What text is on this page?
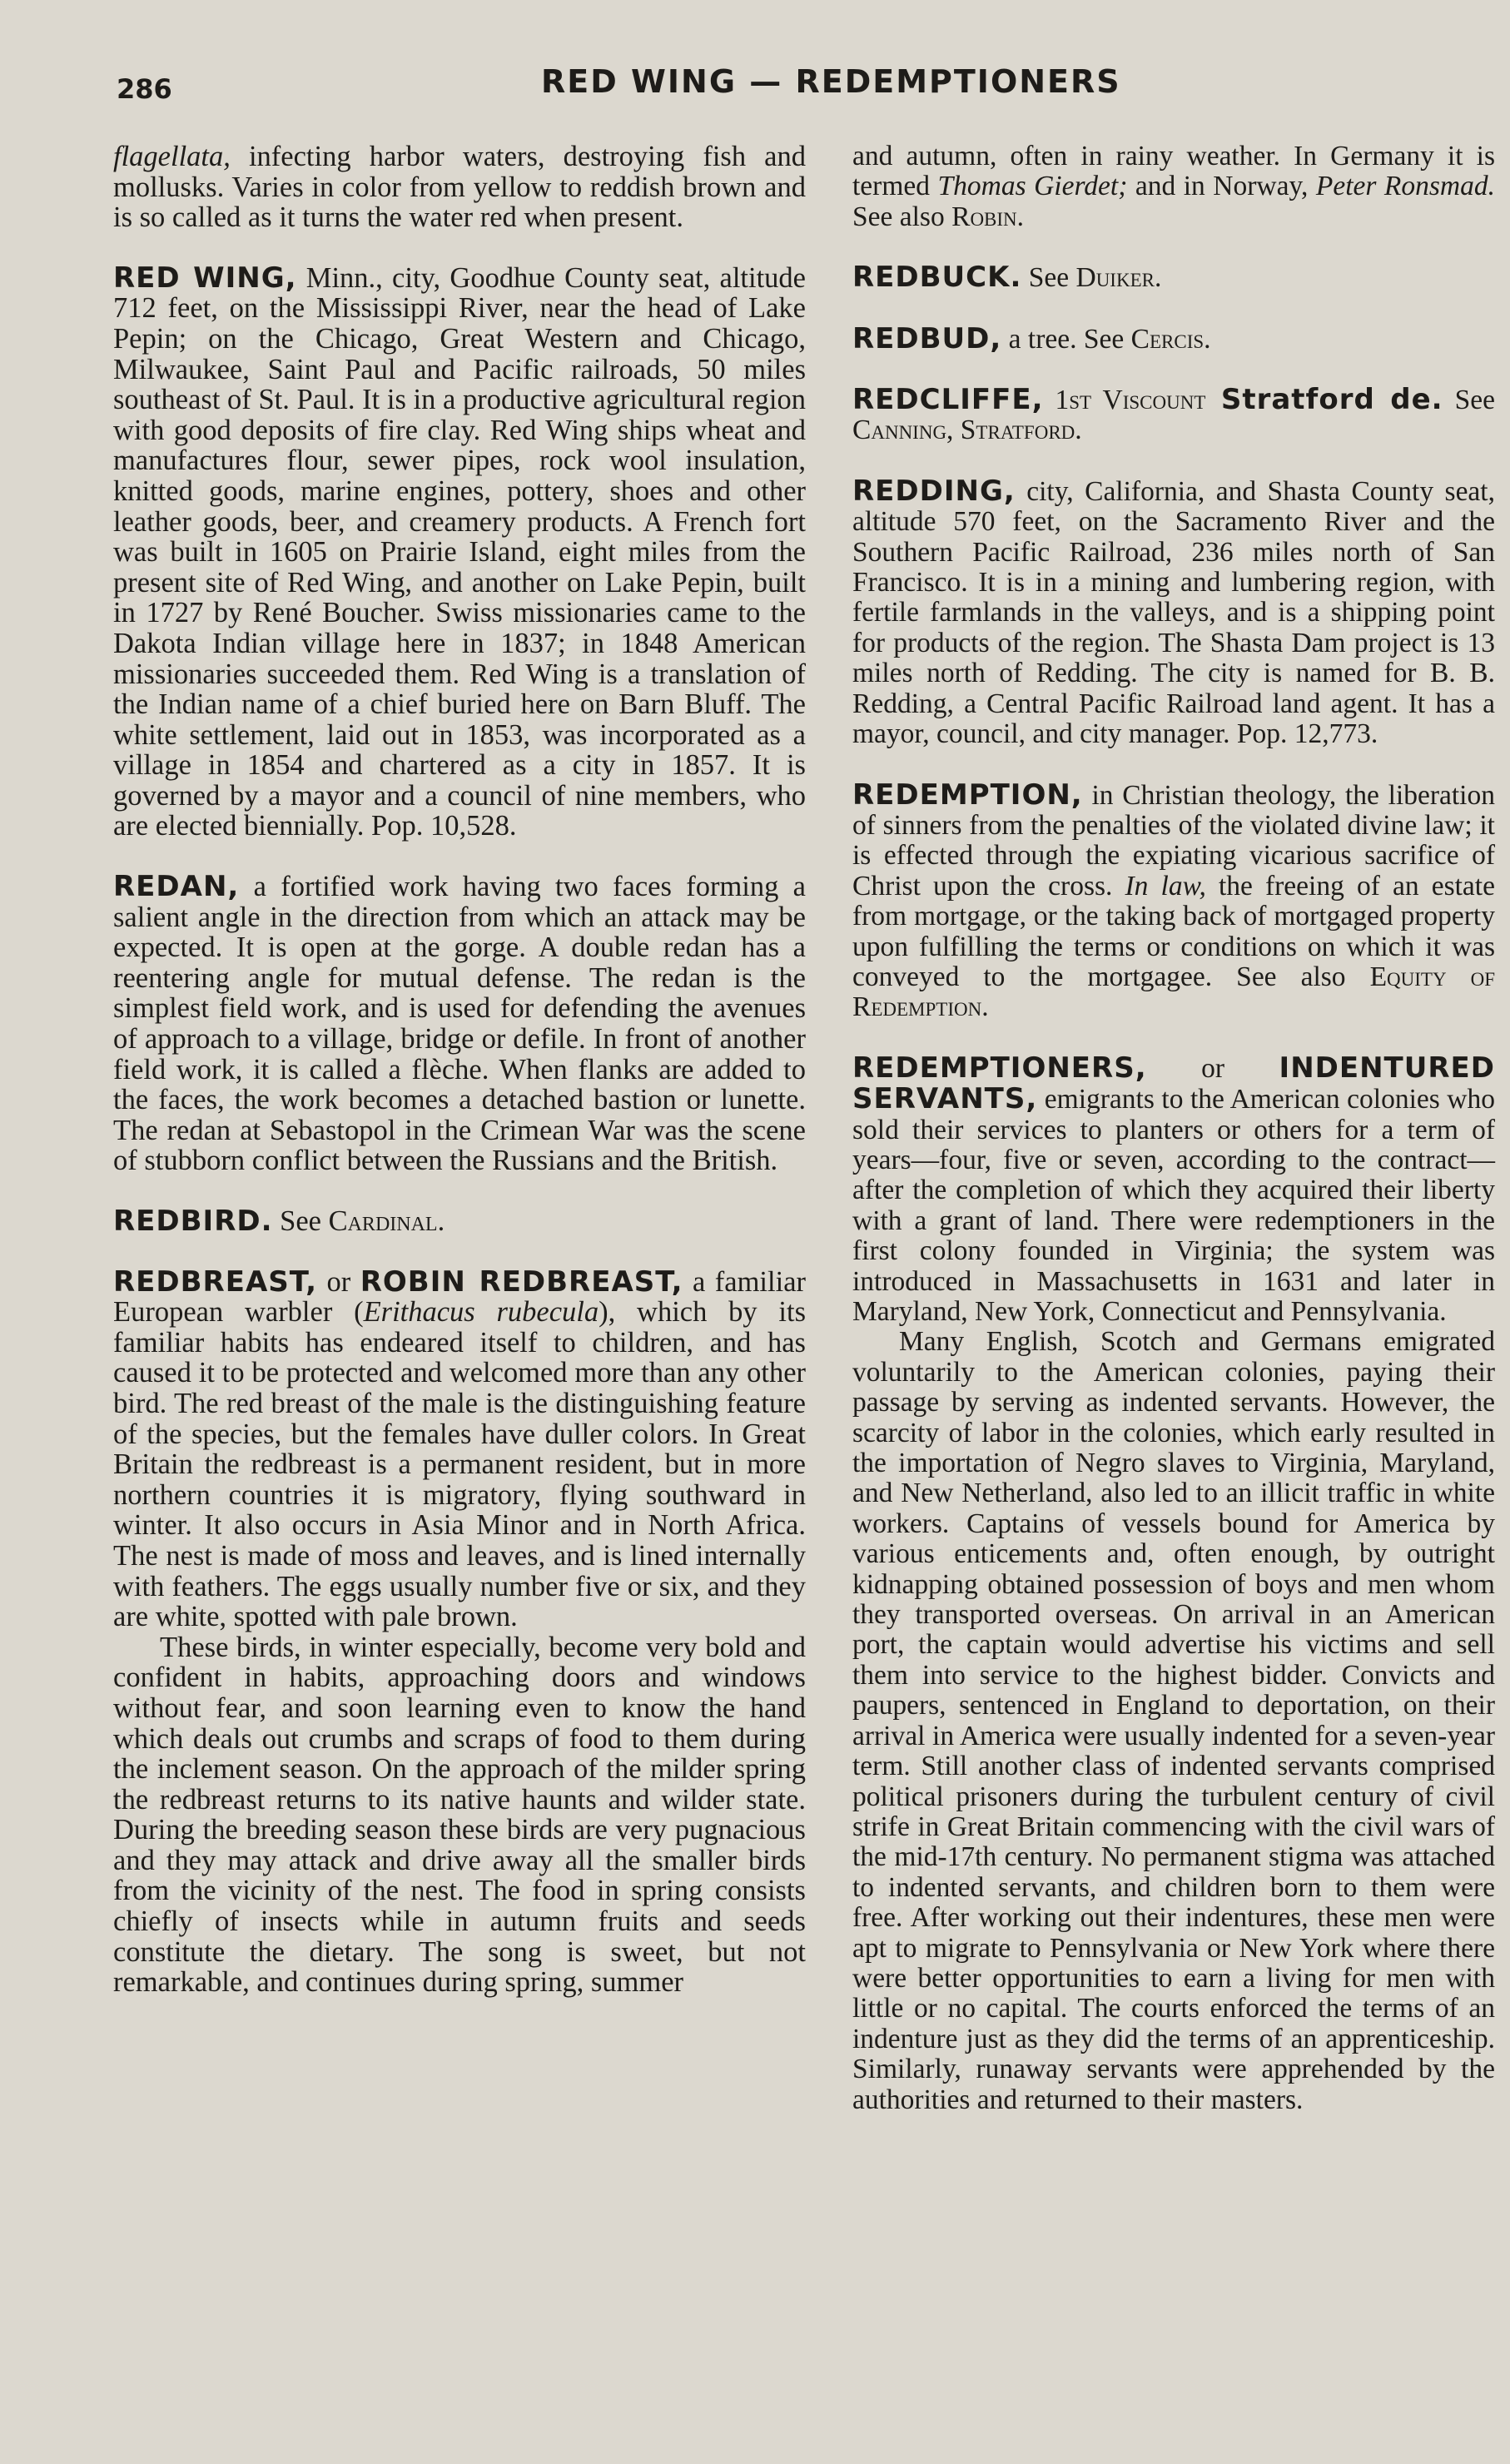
286	RED WING — REDEMPTIONERS

flagellata, infecting harbor waters, destroying fish and mollusks. Varies in color from yellow to reddish brown and is so called as it turns the water red when present.

RED WING, Minn., city, Goodhue County seat, altitude 712 feet, on the Mississippi River, near the head of Lake Pepin; on the Chicago, Great Western and Chicago, Milwaukee, Saint Paul and Pacific railroads, 50 miles southeast of St. Paul. It is in a productive agricultural region with good deposits of fire clay. Red Wing ships wheat and manufactures flour, sewer pipes, rock wool insulation, knitted goods, marine engines, pottery, shoes and other leather goods, beer, and creamery products. A French fort was built in 1605 on Prairie Island, eight miles from the present site of Red Wing, and another on Lake Pepin, built in 1727 by René Boucher. Swiss missionaries came to the Dakota Indian village here in 1837; in 1848 American missionaries succeeded them. Red Wing is a translation of the Indian name of a chief buried here on Barn Bluff. The white settlement, laid out in 1853, was incorporated as a village in 1854 and chartered as a city in 1857. It is governed by a mayor and a council of nine members, who are elected biennially. Pop. 10,528.

REDAN, a fortified work having two faces forming a salient angle in the direction from which an attack may be expected. It is open at the gorge. A double redan has a reentering angle for mutual defense. The redan is the simplest field work, and is used for defending the avenues of approach to a village, bridge or defile. In front of another field work, it is called a flèche. When flanks are added to the faces, the work becomes a detached bastion or lunette. The redan at Sebastopol in the Crimean War was the scene of stubborn conflict between the Russians and the British.

REDBIRD. See Cardinal.

REDBREAST, or ROBIN REDBREAST, a familiar European warbler (Erithacus rubecula), which by its familiar habits has endeared itself to children, and has caused it to be protected and welcomed more than any other bird. The red breast of the male is the distinguishing feature of the species, but the females have duller colors. In Great Britain the redbreast is a permanent resident, but in more northern countries it is migratory, flying southward in winter. It also occurs in Asia Minor and in North Africa. The nest is made of moss and leaves, and is lined internally with feathers. The eggs usually number five or six, and they are white, spotted with pale brown.

These birds, in winter especially, become very bold and confident in habits, approaching doors and windows without fear, and soon learning even to know the hand which deals out crumbs and scraps of food to them during the inclement season. On the approach of the milder spring the redbreast returns to its native haunts and wilder state. During the breeding season these birds are very pugnacious and they may attack and drive away all the smaller birds from the vicinity of the nest. The food in spring consists chiefly of insects while in autumn fruits and seeds constitute the dietary. The song is sweet, but not remarkable, and continues during spring, summer

and autumn, often in rainy weather. In Germany it is termed Thomas Gierdet; and in Norway, Peter Ronsmad. See also Robin.

REDBUCK. See Duiker.

REDBUD, a tree. See Cercis.

REDCLIFFE, 1st Viscount Stratford de. See Canning, Stratford.

REDDING, city, California, and Shasta County seat, altitude 570 feet, on the Sacramento River and the Southern Pacific Railroad, 236 miles north of San Francisco. It is in a mining and lumbering region, with fertile farmlands in the valleys, and is a shipping point for products of the region. The Shasta Dam project is 13 miles north of Redding. The city is named for B. B. Redding, a Central Pacific Railroad land agent. It has a mayor, council, and city manager. Pop. 12,773.

REDEMPTION, in Christian theology, the liberation of sinners from the penalties of the violated divine law; it is effected through the expiating vicarious sacrifice of Christ upon the cross. In law, the freeing of an estate from mortgage, or the taking back of mortgaged property upon fulfilling the terms or conditions on which it was conveyed to the mortgagee. See also Equity of Redemption.

REDEMPTIONERS, or INDENTURED SERVANTS, emigrants to the American colonies who sold their services to planters or others for a term of years—four, five or seven, according to the contract—after the completion of which they acquired their liberty with a grant of land. There were redemptioners in the first colony founded in Virginia; the system was introduced in Massachusetts in 1631 and later in Maryland, New York, Connecticut and Pennsylvania.

Many English, Scotch and Germans emigrated voluntarily to the American colonies, paying their passage by serving as indented servants. However, the scarcity of labor in the colonies, which early resulted in the importation of Negro slaves to Virginia, Maryland, and New Netherland, also led to an illicit traffic in white workers. Captains of vessels bound for America by various enticements and, often enough, by outright kidnapping obtained possession of boys and men whom they transported overseas. On arrival in an American port, the captain would advertise his victims and sell them into service to the highest bidder. Convicts and paupers, sentenced in England to deportation, on their arrival in America were usually indented for a seven-year term. Still another class of indented servants comprised political prisoners during the turbulent century of civil strife in Great Britain commencing with the civil wars of the mid-17th century. No permanent stigma was attached to indented servants, and children born to them were free. After working out their indentures, these men were apt to migrate to Pennsylvania or New York where there were better opportunities to earn a living for men with little or no capital. The courts enforced the terms of an indenture just as they did the terms of an apprenticeship. Similarly, runaway servants were apprehended by the authorities and returned to their masters.
